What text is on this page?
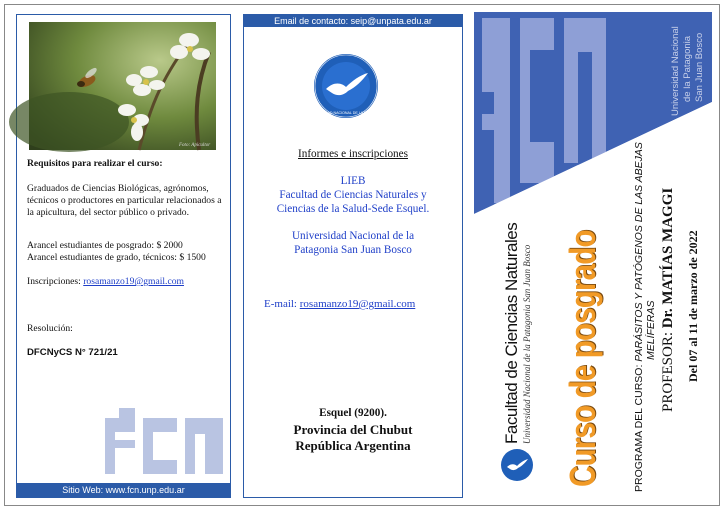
Foto: Apicultor
Requisitos para realizar el curso:
Graduados de Ciencias Biológicas, agrónomos, técnicos o productores en particular relacionados a la apicultura, del sector público o privado.
Arancel estudiantes de posgrado: $ 2000
Arancel estudiantes de grado, técnicos: $ 1500
Inscripciones: rosamanzo19@gmail.com
Resolución:
DFCNyCS N° 721/21
Sitio Web: www.fcn.unp.edu.ar
Email de contacto: seip@unpata.edu.ar
UNIVERSIDAD NACIONAL DE LA PATAGONIA
Informes e inscripciones
LIEB
Facultad de Ciencias Naturales y
Ciencias de la Salud-Sede Esquel.
Universidad Nacional de la
Patagonia San Juan Bosco
E-mail: rosamanzo19@gmail.com
Esquel (9200).
Provincia del Chubut
República Argentina
Universidad Nacional de la Patagonia San Juan Bosco
Curso de posgrado
Facultad de Ciencias Naturales Universidad Nacional de la Patagonia San Juan Bosco	PROGRAMA DEL CURSO: PARÁSITOS Y PATÓGENOS DE LAS ABEJAS MELÍFERAS PROFESOR: Dr. MATÍAS MAGGI Del 07 al 11 de marzo de 2022
